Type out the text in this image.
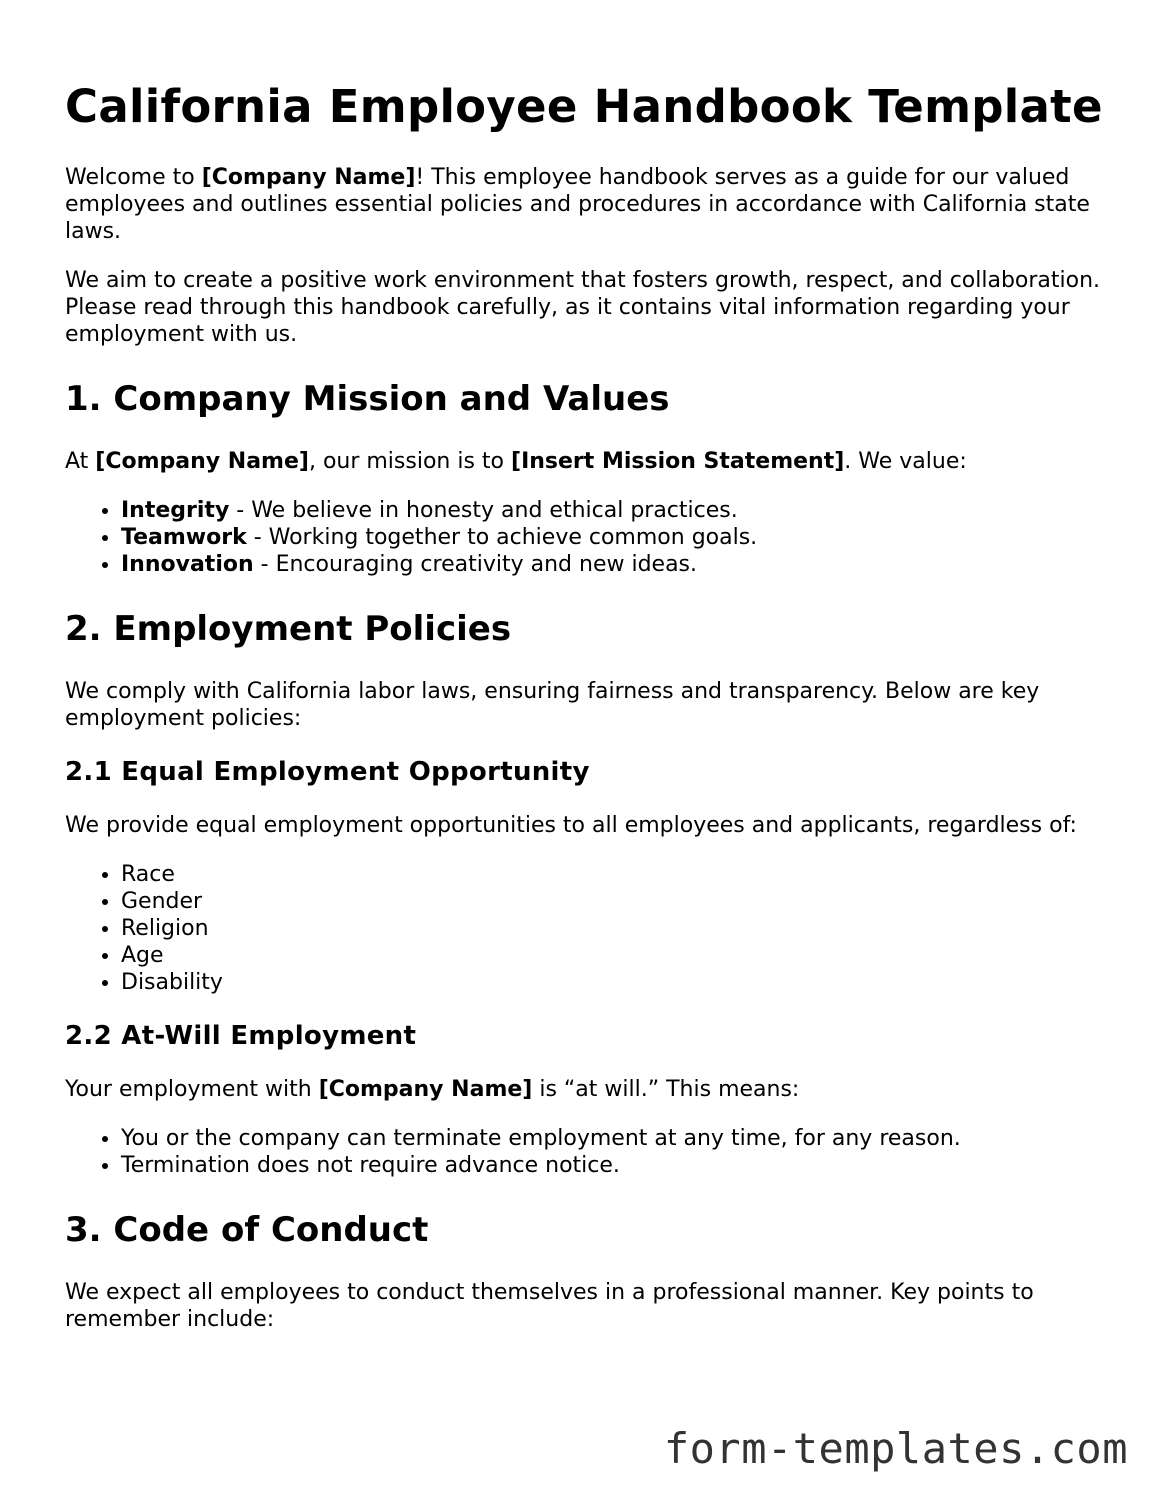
California Employee Handbook Template

Welcome to [Company Name]! This employee handbook serves as a guide for our valued employees and outlines essential policies and procedures in accordance with California state laws.

We aim to create a positive work environment that fosters growth, respect, and collaboration. Please read through this handbook carefully, as it contains vital information regarding your employment with us.

1. Company Mission and Values

At [Company Name], our mission is to [Insert Mission Statement]. We value:

• Integrity - We believe in honesty and ethical practices.
• Teamwork - Working together to achieve common goals.
• Innovation - Encouraging creativity and new ideas.
2. Employment Policies

We comply with California labor laws, ensuring fairness and transparency. Below are key employment policies:

2.1 Equal Employment Opportunity

We provide equal employment opportunities to all employees and applicants, regardless of:

• Race
• Gender
• Religion
• Age
• Disability
2.2 At-Will Employment

Your employment with [Company Name] is “at will.” This means:

• You or the company can terminate employment at any time, for any reason.
• Termination does not require advance notice.
3. Code of Conduct

We expect all employees to conduct themselves in a professional manner. Key points to remember include:

form-templates.com
